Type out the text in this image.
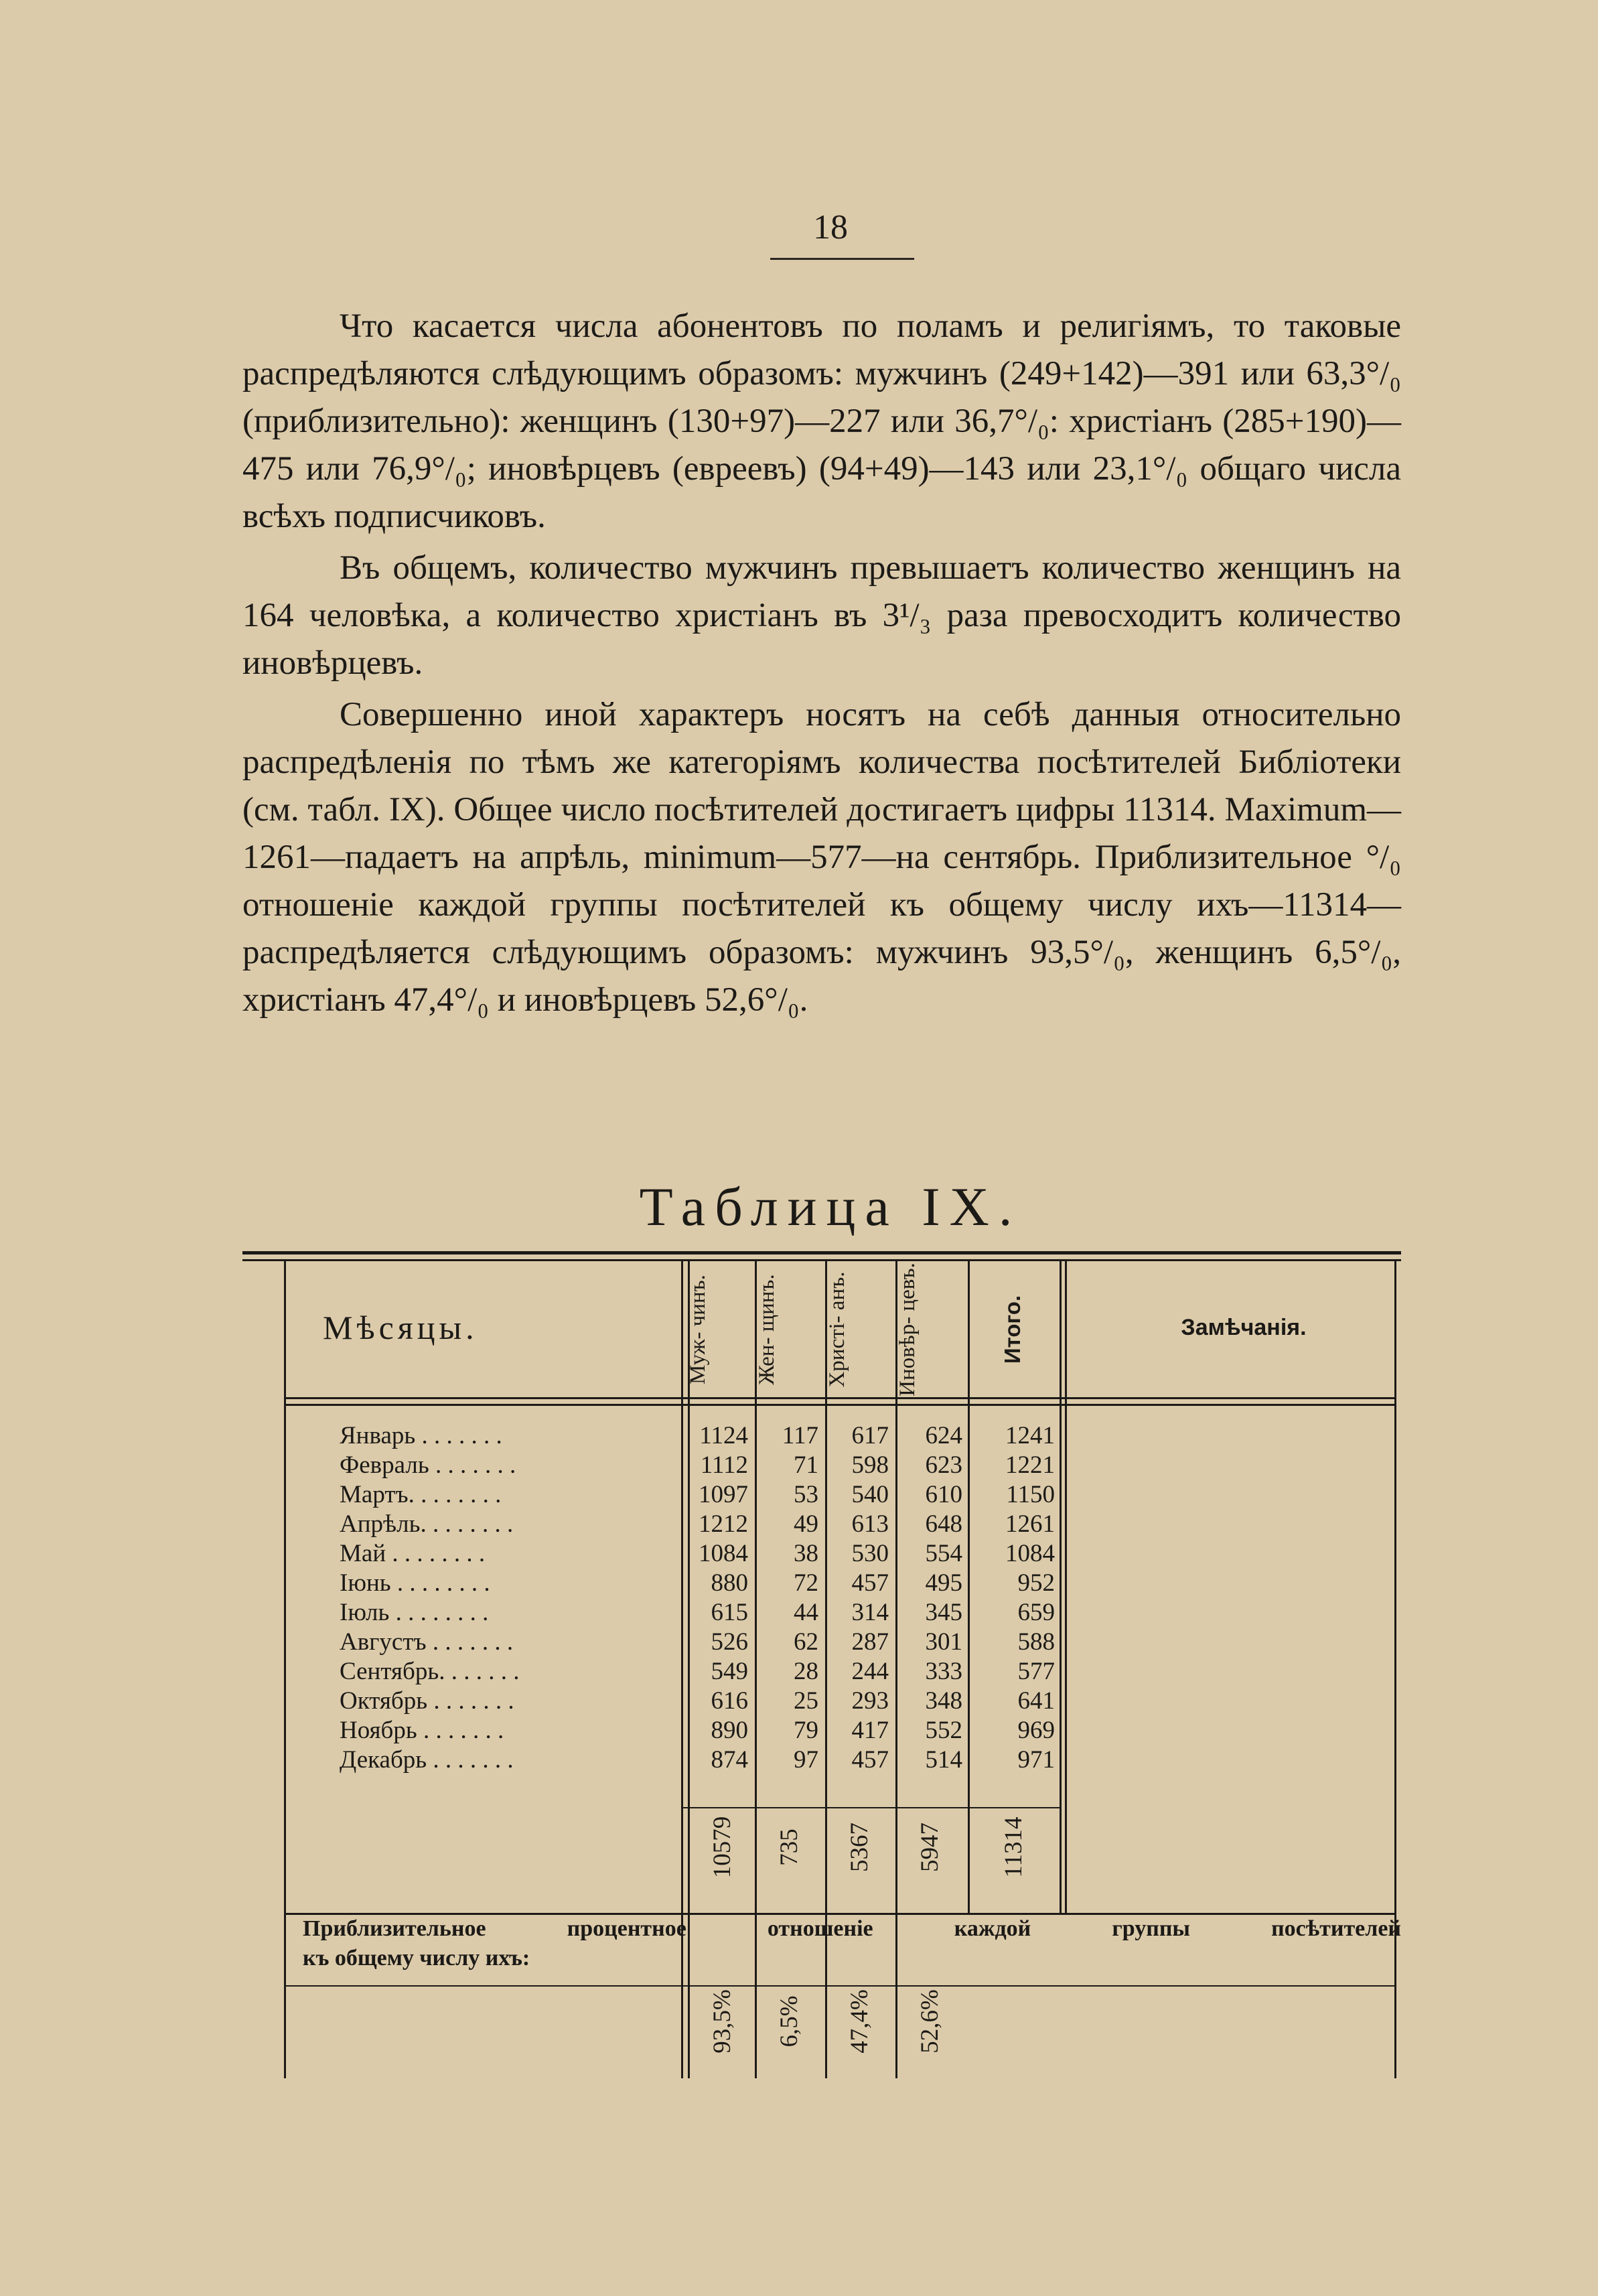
18

Что касается числа абонентовъ по поламъ и религіямъ, то таковые распредѣляются слѣдующимъ образомъ: мужчинъ (249+142)—391 или 63,3°/₀ (приблизительно): женщинъ (130+97)—227 или 36,7°/₀: христіанъ (285+190)—475 или 76,9°/₀; иновѣрцевъ (евреевъ) (94+49)—143 или 23,1°/₀ общаго числа всѣхъ подписчиковъ.

Въ общемъ, количество мужчинъ превышаетъ количество женщинъ на 164 человѣка, а количество христіанъ въ 3¹/₃ раза превосходитъ количество иновѣрцевъ.

Совершенно иной характеръ носятъ на себѣ данныя относительно распредѣленія по тѣмъ же категоріямъ количества посѣтителей Библіотеки (см. табл. IX). Общее число посѣтителей достигаетъ цифры 11314. Maximum—1261—падаетъ на апрѣль, minimum—577—на сентябрь. Приблизительное °/₀ отношеніе каждой группы посѣтителей къ общему числу ихъ—11314—распредѣляется слѣдующимъ образомъ: мужчинъ 93,5°/₀, женщинъ 6,5°/₀, христіанъ 47,4°/₀ и иновѣрцевъ 52,6°/₀.

Таблица IX.
Мѣсяцы.	Муж- чинъ.	Жен- щинъ.	Христі- анъ.	Иновѣр- цевъ.	Итого.	Замѣчанія.
Январь . . . . . . .	1124	117	617	624	1241
Февраль . . . . . . .	1112	71	598	623	1221
Мартъ. . . . . . . .	1097	53	540	610	1150
Апрѣль. . . . . . . .	1212	49	613	648	1261
Май . . . . . . . .	1084	38	530	554	1084
Іюнь . . . . . . . .	880	72	457	495	952
Іюль . . . . . . . .	615	44	314	345	659
Августъ . . . . . . .	526	62	287	301	588
Сентябрь. . . . . . .	549	28	244	333	577
Октябрь . . . . . . .	616	25	293	348	641
Ноябрь . . . . . . .	890	79	417	552	969
Декабрь . . . . . . .	874	97	457	514	971
10579 735 5367 5947 11314

Приблизительное процентное отношеніе каждой группы посѣтителей

къ общему числу ихъ:

93,5% 6,5% 47,4% 52,6%
